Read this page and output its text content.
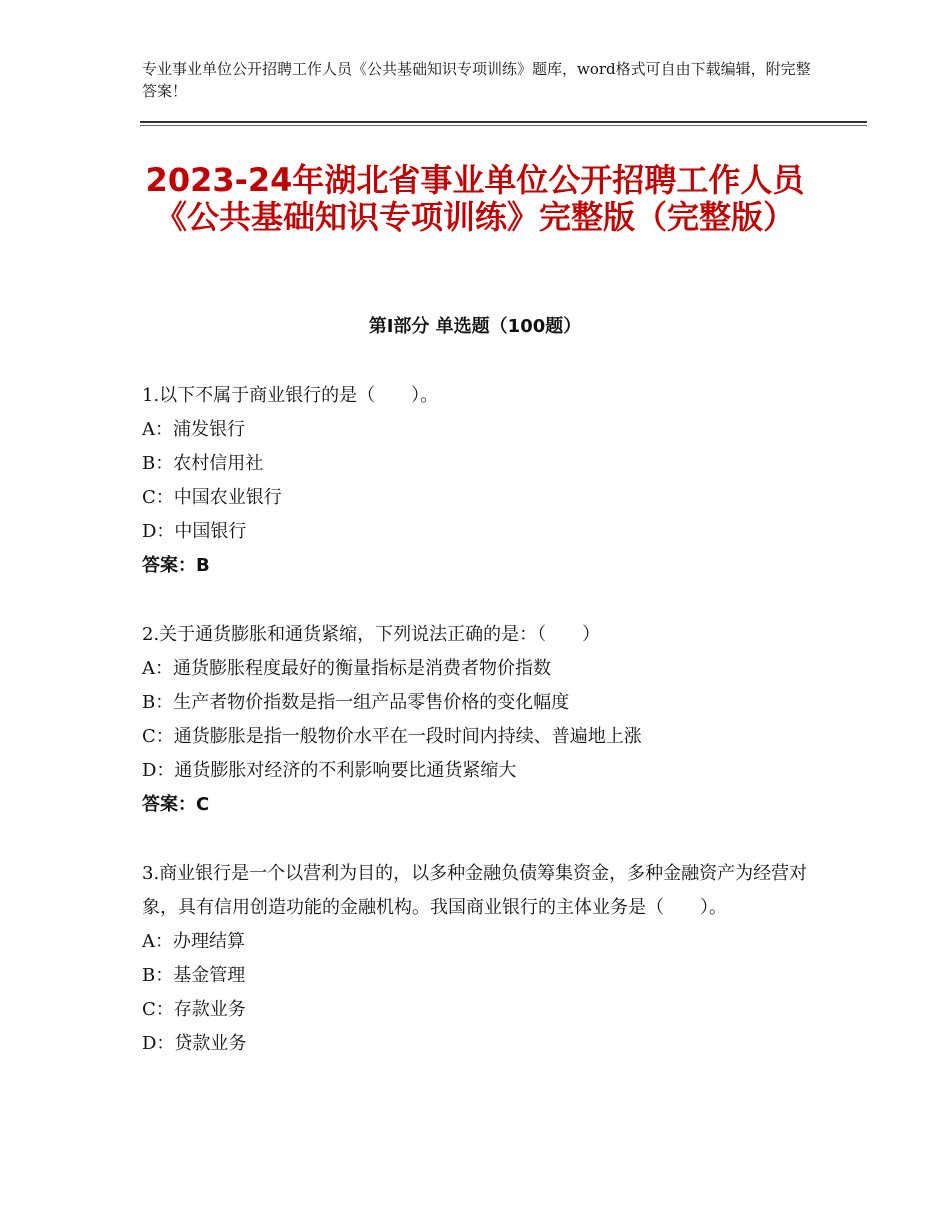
专业事业单位公开招聘工作人员《公共基础知识专项训练》题库，word格式可自由下载编辑，附完整答案！
2023-24年湖北省事业单位公开招聘工作人员《公共基础知识专项训练》完整版（完整版）
第Ⅰ部分 单选题（100题）

1.以下不属于商业银行的是（　　）。

A：浦发银行

B：农村信用社

C：中国农业银行

D：中国银行

答案：B

2.关于通货膨胀和通货紧缩，下列说法正确的是：（　　）

A：通货膨胀程度最好的衡量指标是消费者物价指数

B：生产者物价指数是指一组产品零售价格的变化幅度

C：通货膨胀是指一般物价水平在一段时间内持续、普遍地上涨

D：通货膨胀对经济的不利影响要比通货紧缩大

答案：C

3.商业银行是一个以营利为目的，以多种金融负债筹集资金，多种金融资产为经营对象，具有信用创造功能的金融机构。我国商业银行的主体业务是（　　）。

A：办理结算

B：基金管理

C：存款业务

D：贷款业务
